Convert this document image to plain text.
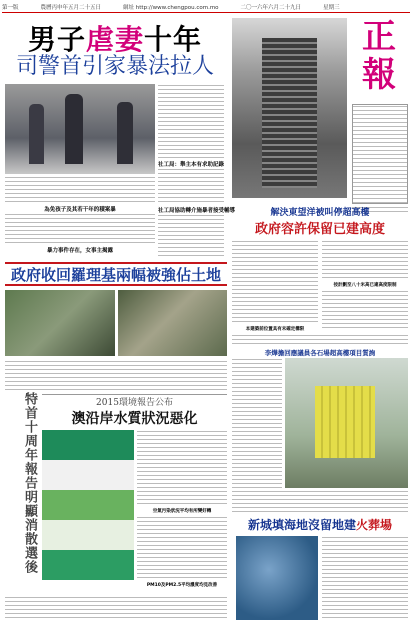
第一版	農曆丙申年五月二十五日	網址 http://www.chengpou.com.mo	二〇一六年六月二十九日	星期三
男子虐妻十年
司警首引家暴法拉人
社工局：舉主本有求助記錄
社工局協助轉介施暴者接受輔導
為免孩子及其若干年的積案暴
暴力事件存在，女事主揭露
正
報
解決東望洋被叫停超高樓
政府容許保留已建高度
按計劃至八十米高已違高度限制
本建築前位置具有未確定構限
政府收回羅理基兩幅被強佔土地
李燁擔回應議員各石場超高樓項目質詢
特首十周年報告明顯消散選後	2015環境報告公布
澳沿岸水質狀況惡化
空氣污染狀況平均有所變好轉
PM10及PM2.5平均濃度均見改善
新城填海地沒留地建火葬場
